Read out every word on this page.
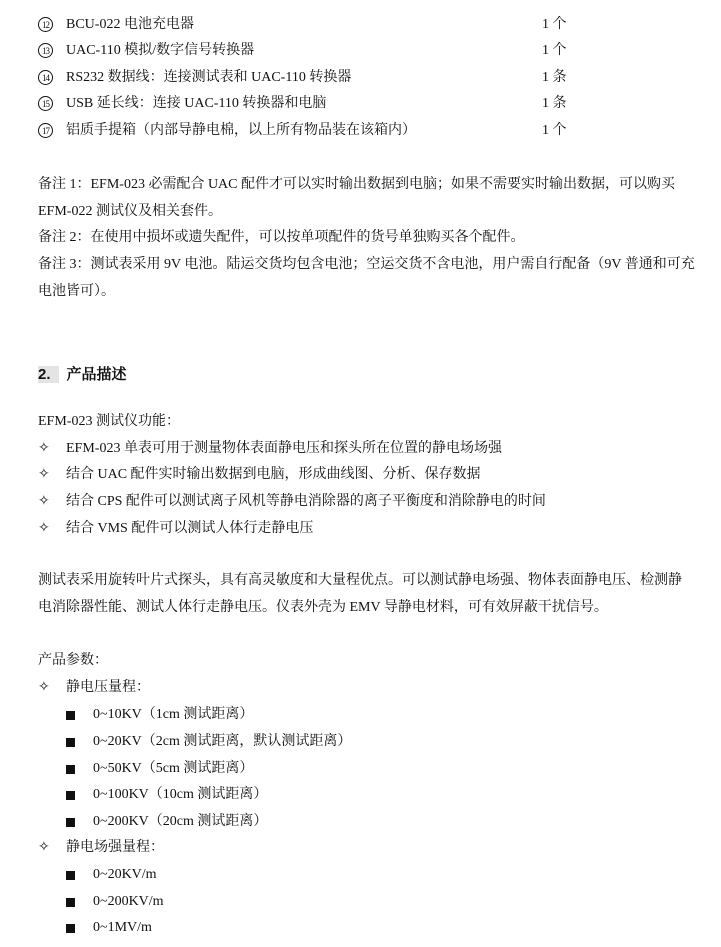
12 BCU-022 电池充电器	1 个
13 UAC-110 模拟/数字信号转换器	1 个
14 RS232 数据线：连接测试表和 UAC-110 转换器	1 条
15 USB 延长线：连接 UAC-110 转换器和电脑	1 条
17 铝质手提箱（内部导静电棉，以上所有物品装在该箱内）	1 个
备注 1：EFM-023 必需配合 UAC 配件才可以实时输出数据到电脑；如果不需要实时输出数据，可以购买
EFM-022 测试仪及相关套件。
备注 2：在使用中损坏或遗失配件，可以按单项配件的货号单独购买各个配件。
备注 3：测试表采用 9V 电池。陆运交货均包含电池；空运交货不含电池，用户需自行配备（9V 普通和可充
电池皆可）。
2. 产品描述
EFM-023 测试仪功能：
✧ EFM-023 单表可用于测量物体表面静电压和探头所在位置的静电场场强
✧ 结合 UAC 配件实时输出数据到电脑，形成曲线图、分析、保存数据
✧ 结合 CPS 配件可以测试离子风机等静电消除器的离子平衡度和消除静电的时间
✧ 结合 VMS 配件可以测试人体行走静电压
测试表采用旋转叶片式探头，具有高灵敏度和大量程优点。可以测试静电场强、物体表面静电压、检测静
电消除器性能、测试人体行走静电压。仪表外壳为 EMV 导静电材料，可有效屏蔽干扰信号。
产品参数：
✧ 静电压量程：
0~10KV（1cm 测试距离）
0~20KV（2cm 测试距离，默认测试距离）
0~50KV（5cm 测试距离）
0~100KV（10cm 测试距离）
0~200KV（20cm 测试距离）
✧ 静电场强量程：
0~20KV/m
0~200KV/m
0~1MV/m
